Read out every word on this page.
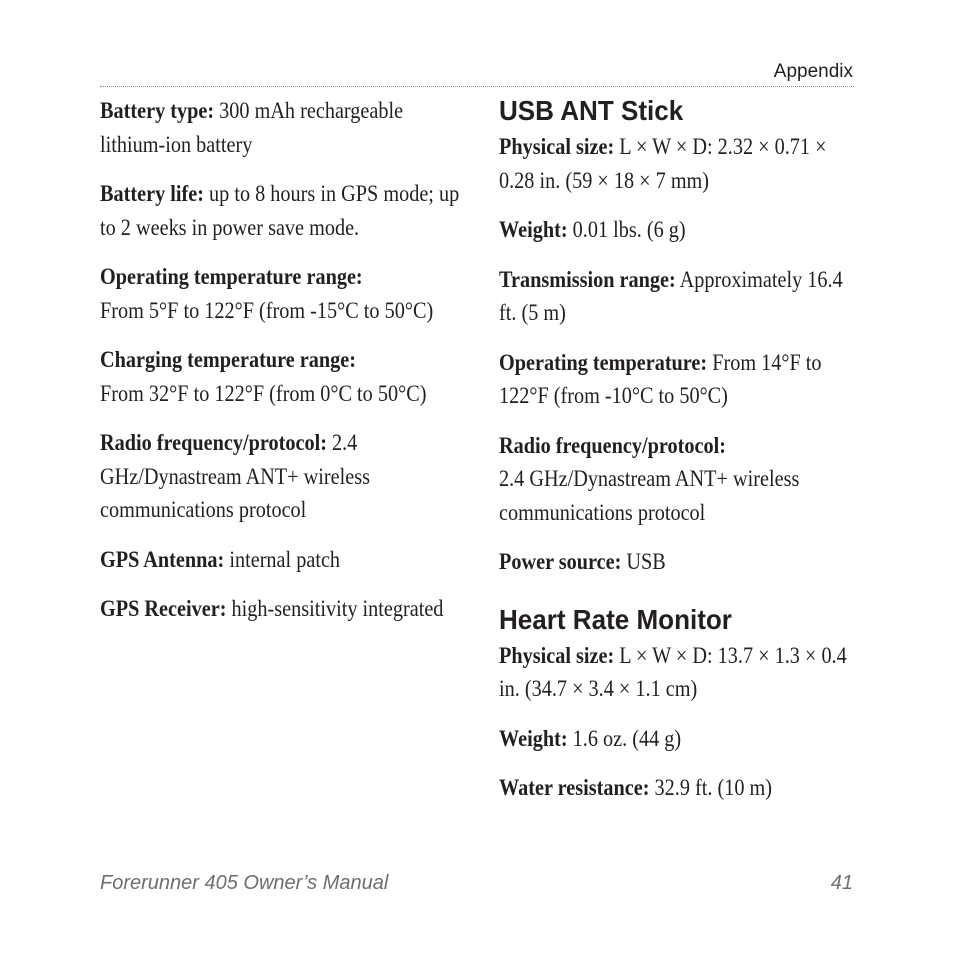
Appendix

Battery type: 300 mAh rechargeable lithium-ion battery

Battery life: up to 8 hours in GPS mode; up to 2 weeks in power save mode.

Operating temperature range:
From 5°F to 122°F (from -15°C to 50°C)

Charging temperature range:
From 32°F to 122°F (from 0°C to 50°C)

Radio frequency/protocol: 2.4 GHz/Dynastream ANT+ wireless communications protocol

GPS Antenna: internal patch

GPS Receiver: high-sensitivity integrated

USB ANT Stick

Physical size: L × W × D: 2.32 × 0.71 × 0.28 in. (59 × 18 × 7 mm)

Weight: 0.01 lbs. (6 g)

Transmission range: Approximately 16.4 ft. (5 m)

Operating temperature: From 14°F to 122°F (from -10°C to 50°C)

Radio frequency/protocol:
2.4 GHz/Dynastream ANT+ wireless communications protocol

Power source: USB

Heart Rate Monitor

Physical size: L × W × D: 13.7 × 1.3 × 0.4 in. (34.7 × 3.4 × 1.1 cm)

Weight: 1.6 oz. (44 g)

Water resistance: 32.9 ft. (10 m)

Forerunner 405 Owner’s Manual	41
